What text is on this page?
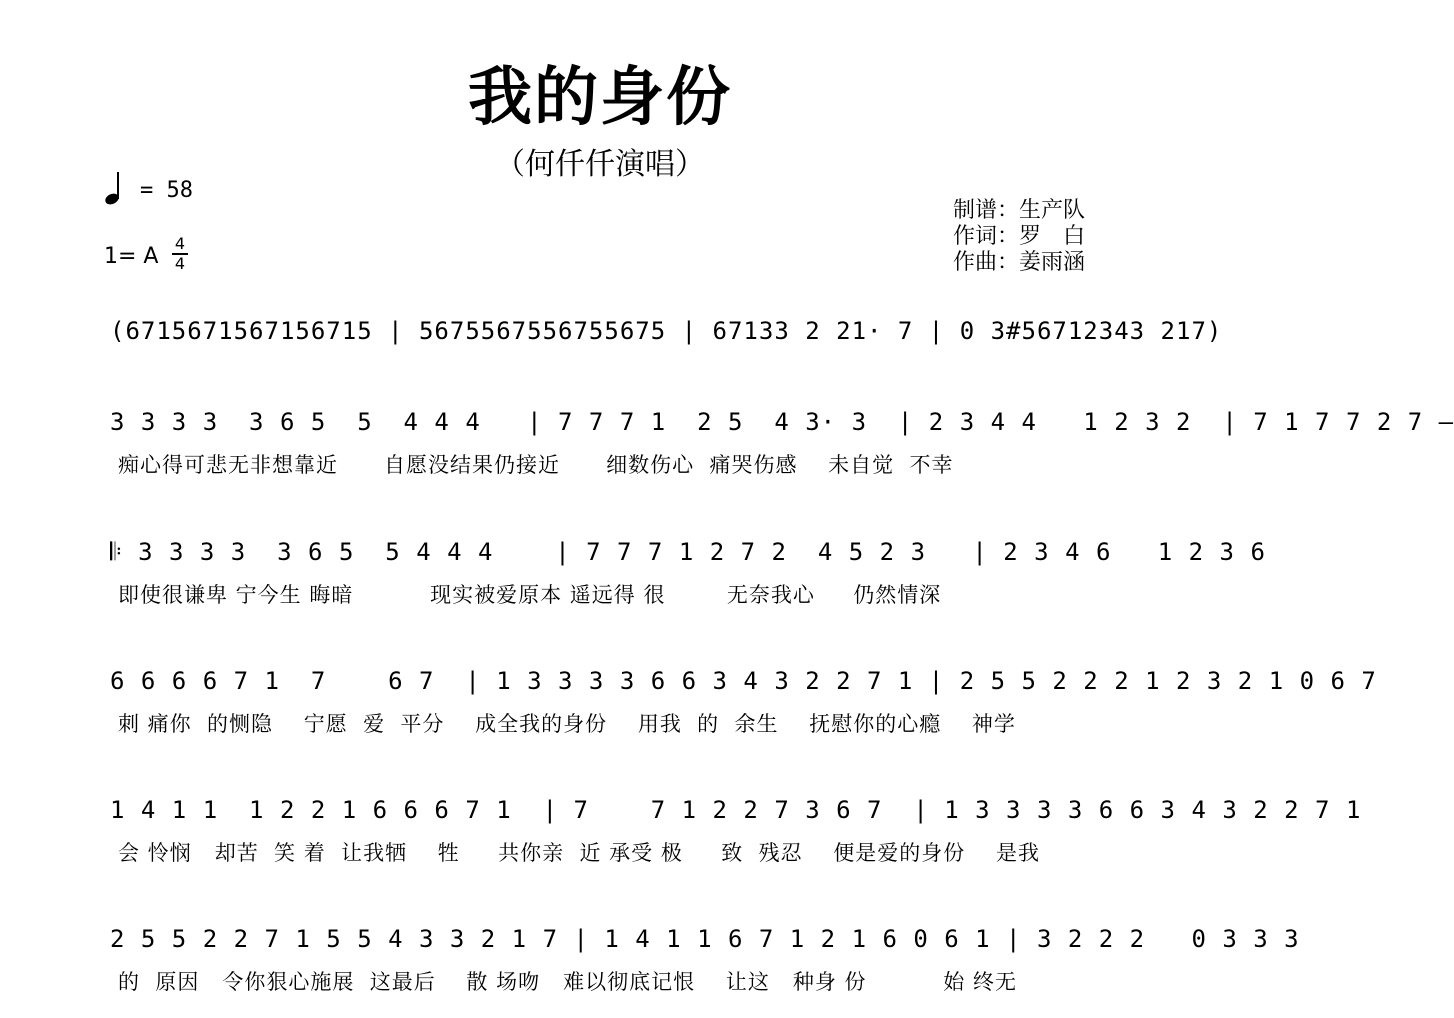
我的身份
（何仟仟演唱）
= 58
1= A
4
4
制谱：生产队
作词：罗　白
作曲：姜雨涵
(6715671567156715 | 5675567556755675 | 67133 2 21· 7 | 0 3#56712343 217)
3 3 3 3  3 6 5  5  4 4 4   | 7 7 7 1  2 5  4 3· 3  | 2 3 4 4   1 2 3 2  | 7 1 7 7 2 7 –
痴心得可悲无非想靠近      自愿没结果仍接近      细数伤心  痛哭伤感    未自觉  不幸
𝄆 3 3 3 3  3 6 5  5 4 4 4    | 7 7 7 1 2 7 2  4 5 2 3   | 2 3 4 6   1 2 3 6
即使很谦卑 宁今生 晦暗          现实被爱原本 遥远得 很        无奈我心     仍然情深
6 6 6 6 7 1  7    6 7  | 1 3 3 3 3 6 6 3 4 3 2 2 7 1 | 2 5 5 2 2 2 1 2 3 2 1 0 6 7
刺 痛你  的恻隐    宁愿  爱  平分    成全我的身份    用我  的  余生    抚慰你的心瘾    神学
1 4 1 1  1 2 2 1 6 6 6 7 1  | 7    7 1 2 2 7 3 6 7  | 1 3 3 3 3 6 6 3 4 3 2 2 7 1
会 怜悯   却苦  笑 着  让我牺    牲     共你亲  近 承受 极     致  残忍    便是爱的身份    是我
2 5 5 2 2 7 1 5 5 4 3 3 2 1 7 | 1 4 1 1 6 7 1 2 1 6 0 6 1 | 3 2 2 2   0 3 3 3
的  原因   令你狠心施展  这最后    散 场吻   难以彻底记恨    让这   种身 份          始 终无
